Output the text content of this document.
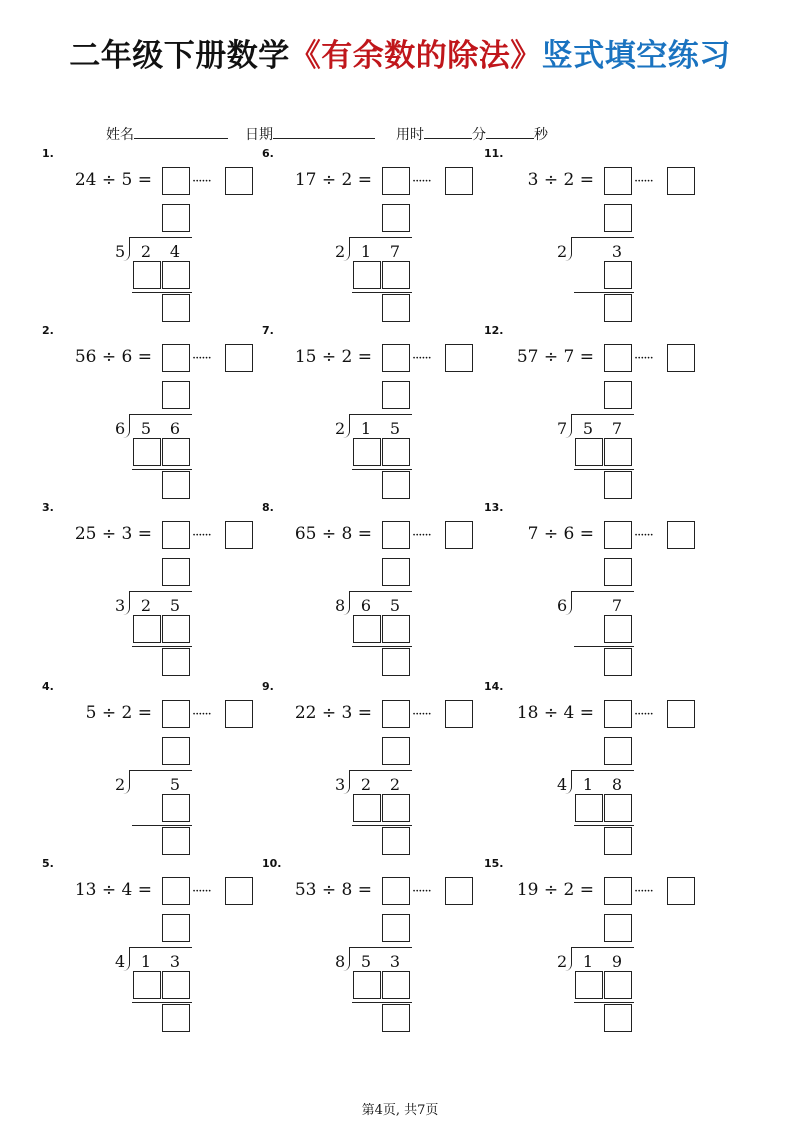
二年级下册数学《有余数的除法》竖式填空练习
姓名	日期	用时	分	秒
1.
24 ÷ 5 =	······
5 2	4
2.
56 ÷ 6 =	······
6 5	6
3.
25 ÷ 3 =	······
3 2	5
4.
5 ÷ 2 =	······
2	5
5.
13 ÷ 4 =	······
4 1	3
6.
17 ÷ 2 =	······
2 1	7
7.
15 ÷ 2 =	······
2 1	5
8.
65 ÷ 8 =	······
8 6	5
9.
22 ÷ 3 =	······
3 2	2
10.
53 ÷ 8 =	······
8 5	3
11.
3 ÷ 2 =	······
2	3
12.
57 ÷ 7 =	······
7 5	7
13.
7 ÷ 6 =	······
6	7
14.
18 ÷ 4 =	······
4 1	8
15.
19 ÷ 2 =	······
2 1	9
第4页, 共7页
